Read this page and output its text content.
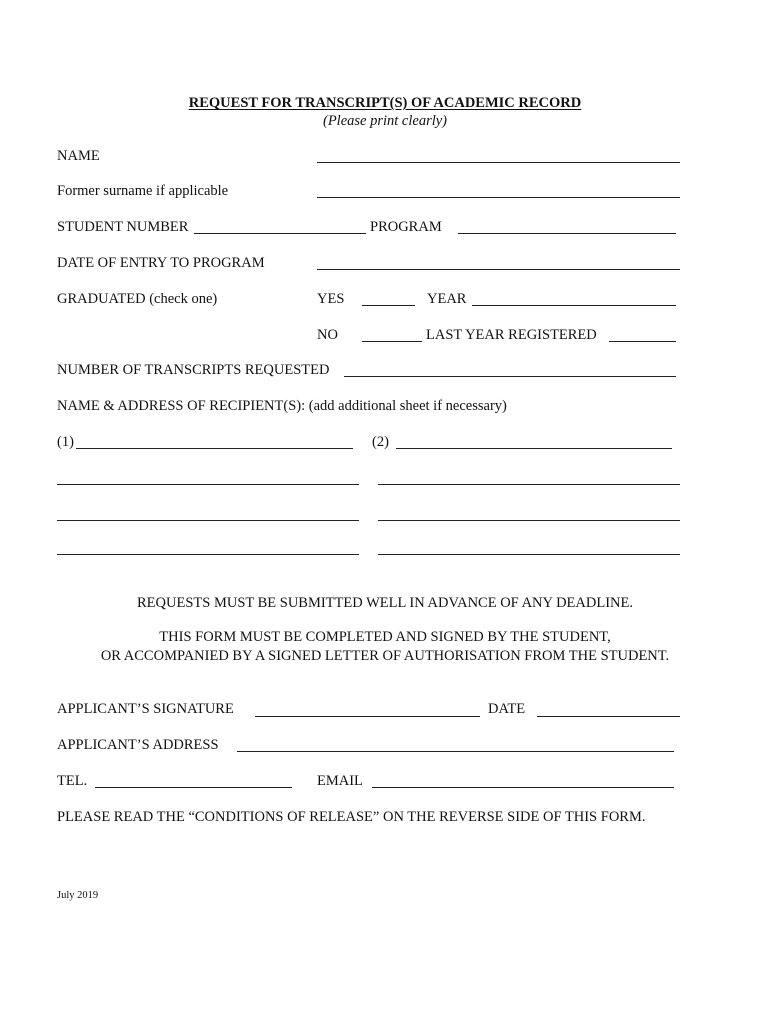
REQUEST FOR TRANSCRIPT(S) OF ACADEMIC RECORD
(Please print clearly)
NAME
Former surname if applicable
STUDENT NUMBER	PROGRAM
DATE OF ENTRY TO PROGRAM
GRADUATED (check one)	YES	YEAR
NO	LAST YEAR REGISTERED
NUMBER OF TRANSCRIPTS REQUESTED
NAME & ADDRESS OF RECIPIENT(S): (add additional sheet if necessary)
(1)	(2)
REQUESTS MUST BE SUBMITTED WELL IN ADVANCE OF ANY DEADLINE.
THIS FORM MUST BE COMPLETED AND SIGNED BY THE STUDENT,
OR ACCOMPANIED BY A SIGNED LETTER OF AUTHORISATION FROM THE STUDENT.
APPLICANT’S SIGNATURE	DATE
APPLICANT’S ADDRESS
TEL.	EMAIL
PLEASE READ THE “CONDITIONS OF RELEASE” ON THE REVERSE SIDE OF THIS FORM.
July 2019
